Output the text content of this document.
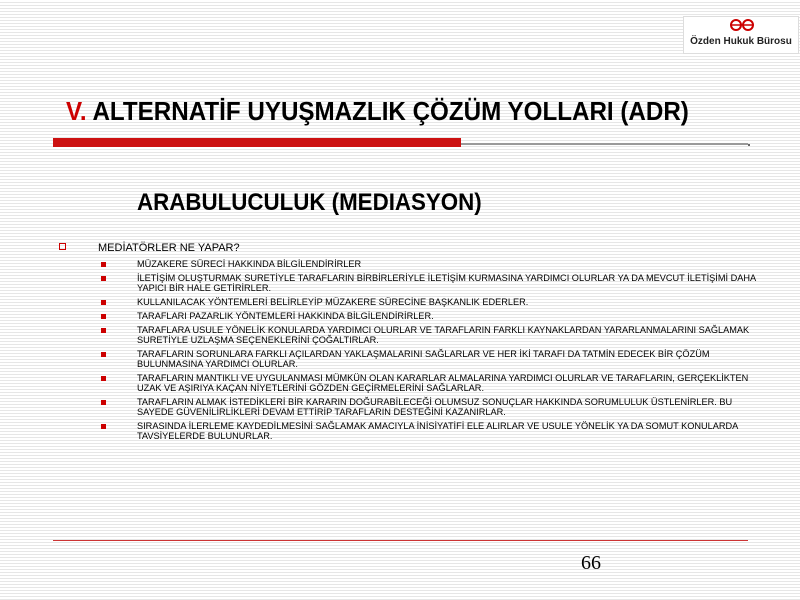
Özden Hukuk Bürosu
V. ALTERNATİF UYUŞMAZLIK ÇÖZÜM YOLLARI (ADR)
ARABULUCULUK (MEDIASYON)
MEDİATÖRLER NE YAPAR?
MÜZAKERE SÜRECİ HAKKINDA BİLGİLENDİRİRLER
İLETİŞİM OLUŞTURMAK SURETİYLE TARAFLARIN BİRBİRLERİYLE İLETİŞİM KURMASINA YARDIMCI OLURLAR YA DA MEVCUT İLETİŞİMİ DAHA YAPICI BİR HALE GETİRİRLER.
KULLANILACAK YÖNTEMLERİ BELİRLEYİP MÜZAKERE SÜRECİNE BAŞKANLIK EDERLER.
TARAFLARI PAZARLIK YÖNTEMLERİ HAKKINDA BİLGİLENDİRİRLER.
TARAFLARA USULE YÖNELİK KONULARDA YARDIMCI OLURLAR VE TARAFLARIN FARKLI KAYNAKLARDAN YARARLANMALARINI SAĞLAMAK SURETİYLE UZLAŞMA SEÇENEKLERİNİ ÇOĞALTIRLAR.
TARAFLARIN SORUNLARA FARKLI AÇILARDAN YAKLAŞMALARINI SAĞLARLAR VE HER İKİ TARAFI DA TATMİN EDECEK BİR ÇÖZÜM BULUNMASINA YARDIMCI OLURLAR.
TARAFLARIN MANTIKLI VE UYGULANMASI MÜMKÜN OLAN KARARLAR ALMALARINA YARDIMCI OLURLAR VE TARAFLARIN, GERÇEKLİKTEN UZAK VE AŞIRIYA KAÇAN NİYETLERİNİ GÖZDEN GEÇİRMELERİNİ SAĞLARLAR.
TARAFLARIN ALMAK İSTEDİKLERİ BİR KARARIN DOĞURABİLECEĞİ OLUMSUZ SONUÇLAR HAKKINDA SORUMLULUK ÜSTLENİRLER. BU SAYEDE GÜVENİLİRLİKLERİ DEVAM ETTİRİP TARAFLARIN DESTEĞİNİ KAZANIRLAR.
SIRASINDA İLERLEME KAYDEDİLMESİNİ SAĞLAMAK AMACIYLA İNİSİYATİFİ ELE ALIRLAR VE USULE YÖNELİK YA DA SOMUT KONULARDA TAVSİYELERDE BULUNURLAR.
66
